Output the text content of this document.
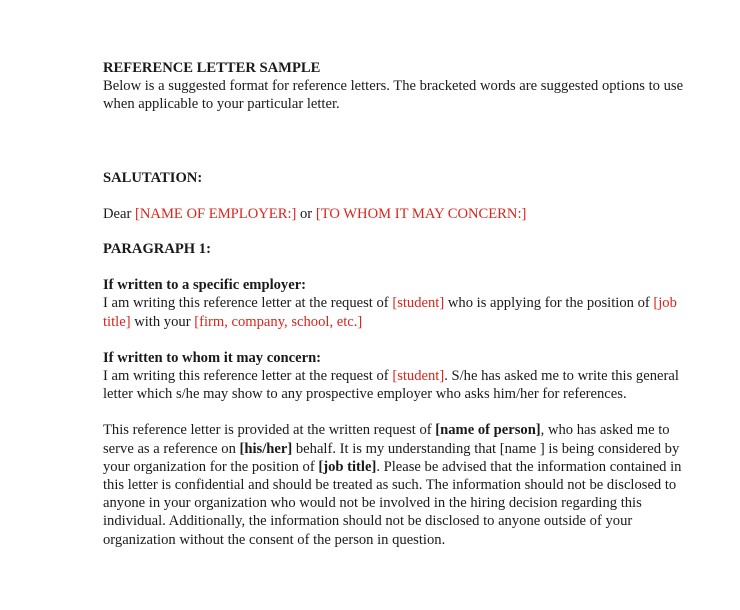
REFERENCE LETTER SAMPLE

Below is a suggested format for reference letters. The bracketed words are suggested options to use when applicable to your particular letter.

SALUTATION:

Dear [NAME OF EMPLOYER:] or [TO WHOM IT MAY CONCERN:]

PARAGRAPH 1:

If written to a specific employer:

I am writing this reference letter at the request of [student] who is applying for the position of [job title] with your [firm, company, school, etc.]

If written to whom it may concern:

I am writing this reference letter at the request of [student]. S/he has asked me to write this general letter which s/he may show to any prospective employer who asks him/her for references.

This reference letter is provided at the written request of [name of person], who has asked me to serve as a reference on [his/her] behalf. It is my understanding that [name ] is being considered by your organization for the position of [job title]. Please be advised that the information contained in this letter is confidential and should be treated as such. The information should not be disclosed to anyone in your organization who would not be involved in the hiring decision regarding this individual. Additionally, the information should not be disclosed to anyone outside of your organization without the consent of the person in question.
